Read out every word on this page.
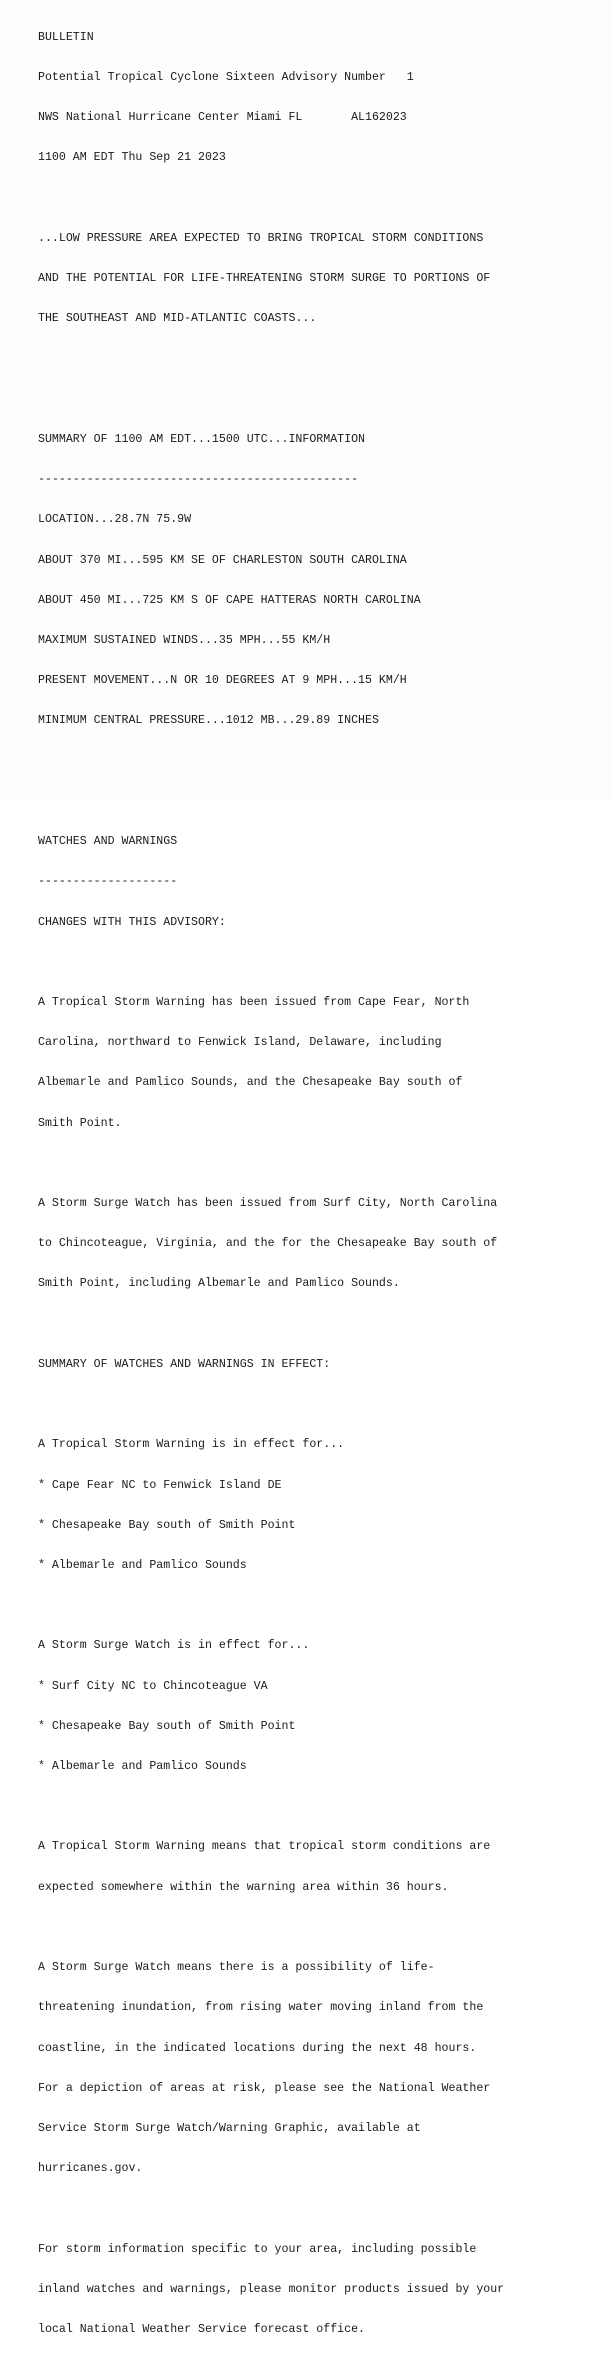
BULLETIN

Potential Tropical Cyclone Sixteen Advisory Number   1

NWS National Hurricane Center Miami FL       AL162023

1100 AM EDT Thu Sep 21 2023

...LOW PRESSURE AREA EXPECTED TO BRING TROPICAL STORM CONDITIONS

AND THE POTENTIAL FOR LIFE-THREATENING STORM SURGE TO PORTIONS OF

THE SOUTHEAST AND MID-ATLANTIC COASTS...

SUMMARY OF 1100 AM EDT...1500 UTC...INFORMATION

----------------------------------------------

LOCATION...28.7N 75.9W

ABOUT 370 MI...595 KM SE OF CHARLESTON SOUTH CAROLINA

ABOUT 450 MI...725 KM S OF CAPE HATTERAS NORTH CAROLINA

MAXIMUM SUSTAINED WINDS...35 MPH...55 KM/H

PRESENT MOVEMENT...N OR 10 DEGREES AT 9 MPH...15 KM/H

MINIMUM CENTRAL PRESSURE...1012 MB...29.89 INCHES

WATCHES AND WARNINGS

--------------------

CHANGES WITH THIS ADVISORY:

A Tropical Storm Warning has been issued from Cape Fear, North

Carolina, northward to Fenwick Island, Delaware, including

Albemarle and Pamlico Sounds, and the Chesapeake Bay south of

Smith Point.

A Storm Surge Watch has been issued from Surf City, North Carolina

to Chincoteague, Virginia, and the for the Chesapeake Bay south of

Smith Point, including Albemarle and Pamlico Sounds.

SUMMARY OF WATCHES AND WARNINGS IN EFFECT:

A Tropical Storm Warning is in effect for...

* Cape Fear NC to Fenwick Island DE

* Chesapeake Bay south of Smith Point

* Albemarle and Pamlico Sounds

A Storm Surge Watch is in effect for...

* Surf City NC to Chincoteague VA

* Chesapeake Bay south of Smith Point

* Albemarle and Pamlico Sounds

A Tropical Storm Warning means that tropical storm conditions are

expected somewhere within the warning area within 36 hours.

A Storm Surge Watch means there is a possibility of life-

threatening inundation, from rising water moving inland from the

coastline, in the indicated locations during the next 48 hours.

For a depiction of areas at risk, please see the National Weather

Service Storm Surge Watch/Warning Graphic, available at

hurricanes.gov.

For storm information specific to your area, including possible

inland watches and warnings, please monitor products issued by your

local National Weather Service forecast office.
